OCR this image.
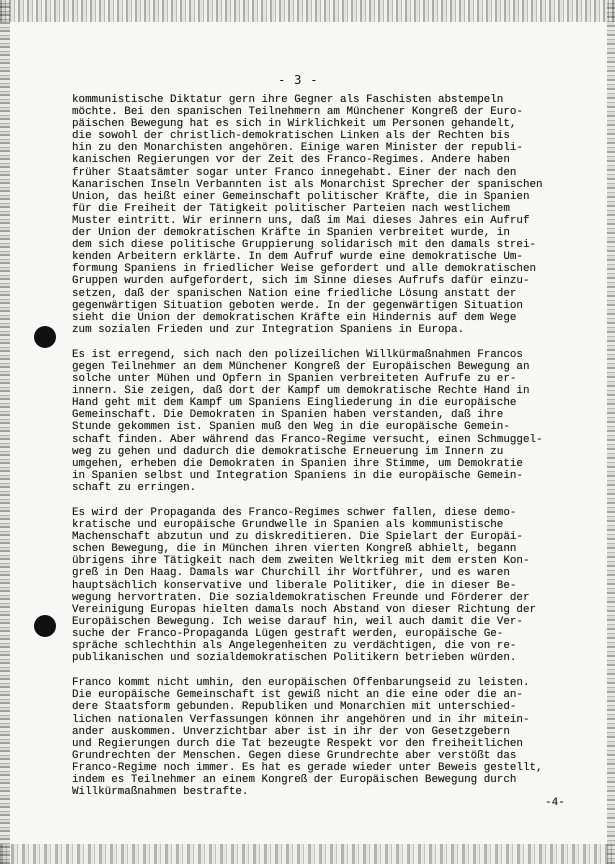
- 3 -

kommunistische Diktatur gern ihre Gegner als Faschisten abstempeln
möchte. Bei den spanischen Teilnehmern am Münchener Kongreß der Euro-
päischen Bewegung hat es sich in Wirklichkeit um Personen gehandelt,
die sowohl der christlich-demokratischen Linken als der Rechten bis
hin zu den Monarchisten angehören. Einige waren Minister der republi-
kanischen Regierungen vor der Zeit des Franco-Regimes. Andere haben
früher Staatsämter sogar unter Franco innegehabt. Einer der nach den
Kanarischen Inseln Verbannten ist als Monarchist Sprecher der spanischen
Union, das heißt einer Gemeinschaft politischer Kräfte, die in Spanien
für die Freiheit der Tätigkeit politischer Parteien nach westlichem
Muster eintritt. Wir erinnern uns, daß im Mai dieses Jahres ein Aufruf
der Union der demokratischen Kräfte in Spanien verbreitet wurde, in
dem sich diese politische Gruppierung solidarisch mit den damals strei-
kenden Arbeitern erklärte. In dem Aufruf wurde eine demokratische Um-
formung Spaniens in friedlicher Weise gefordert und alle demokratischen
Gruppen wurden aufgefordert, sich im Sinne dieses Aufrufs dafür einzu-
setzen, daß der spanischen Nation eine friedliche Lösung anstatt der
gegenwärtigen Situation geboten werde. In der gegenwärtigen Situation
sieht die Union der demokratischen Kräfte ein Hindernis auf dem Wege
zum sozialen Frieden und zur Integration Spaniens in Europa.
Es ist erregend, sich nach den polizeilichen Willkürmaßnahmen Francos
gegen Teilnehmer an dem Münchener Kongreß der Europäischen Bewegung an
solche unter Mühen und Opfern in Spanien verbreiteten Aufrufe zu er-
innern. Sie zeigen, daß dort der Kampf um demokratische Rechte Hand in
Hand geht mit dem Kampf um Spaniens Eingliederung in die europäische
Gemeinschaft. Die Demokraten in Spanien haben verstanden, daß ihre
Stunde gekommen ist. Spanien muß den Weg in die europäische Gemein-
schaft finden. Aber während das Franco-Regime versucht, einen Schmuggel-
weg zu gehen und dadurch die demokratische Erneuerung im Innern zu
umgehen, erheben die Demokraten in Spanien ihre Stimme, um Demokratie
in Spanien selbst und Integration Spaniens in die europäische Gemein-
schaft zu erringen.
Es wird der Propaganda des Franco-Regimes schwer fallen, diese demo-
kratische und europäische Grundwelle in Spanien als kommunistische
Machenschaft abzutun und zu diskreditieren. Die Spielart der Europäi-
schen Bewegung, die in München ihren vierten Kongreß abhielt, begann
übrigens ihre Tätigkeit nach dem zweiten Weltkrieg mit dem ersten Kon-
greß in Den Haag. Damals war Churchill ihr Wortführer, und es waren
hauptsächlich konservative und liberale Politiker, die in dieser Be-
wegung hervortraten. Die sozialdemokratischen Freunde und Förderer der
Vereinigung Europas hielten damals noch Abstand von dieser Richtung der
Europäischen Bewegung. Ich weise darauf hin, weil auch damit die Ver-
suche der Franco-Propaganda Lügen gestraft werden, europäische Ge-
sprächе schlechthin als Angelegenheiten zu verdächtigen, die von re-
publikanischen und sozialdemokratischen Politikern betrieben würden.
Franco kommt nicht umhin, den europäischen Offenbarungseid zu leisten.
Die europäische Gemeinschaft ist gewiß nicht an die eine oder die an-
dere Staatsform gebunden. Republiken und Monarchien mit unterschied-
lichen nationalen Verfassungen können ihr angehören und in ihr mitein-
ander auskommen. Unverzichtbar aber ist in ihr der von Gesetzgebern
und Regierungen durch die Tat bezeugte Respekt vor den freiheitlichen
Grundrechten der Menschen. Gegen diese Grundrechte aber verstößt das
Franco-Regime noch immer. Es hat es gerade wieder unter Beweis gestellt,
indem es Teilnehmer an einem Kongreß der Europäischen Bewegung durch
Willkürmaßnahmen bestrafte.

-4-
